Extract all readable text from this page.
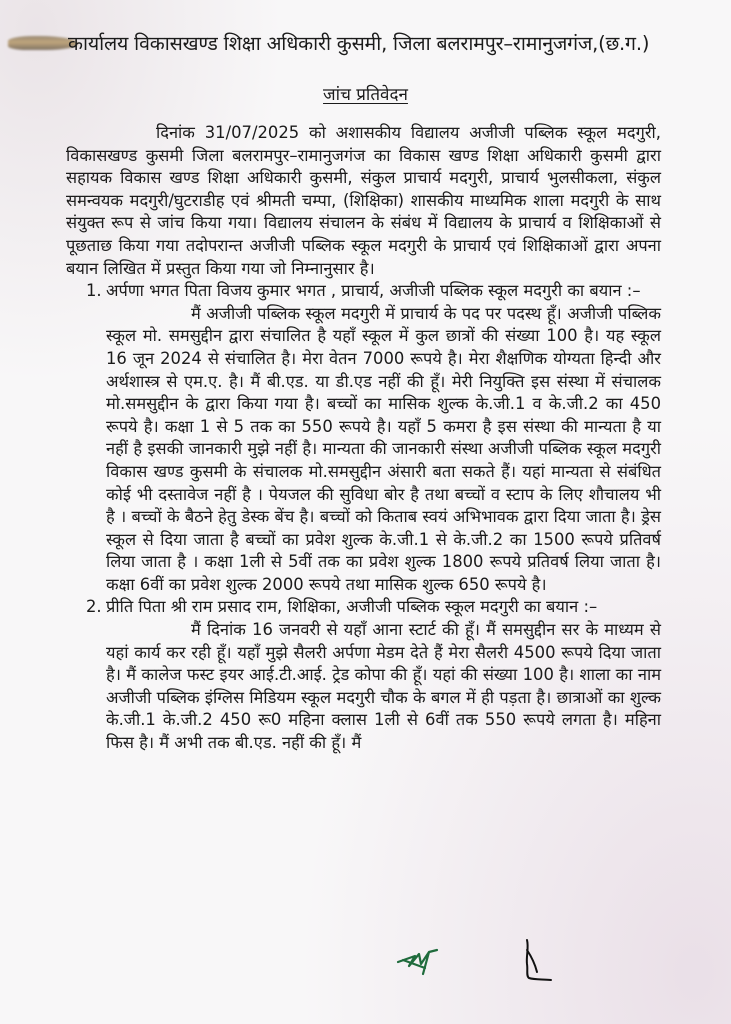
कार्यालय विकासखण्ड शिक्षा अधिकारी कुसमी, जिला बलरामपुर–रामानुजगंज,(छ.ग.)
जांच प्रतिवेदन

दिनांक 31/07/2025 को अशासकीय विद्यालय अजीजी पब्लिक स्कूल मदगुरी, विकासखण्ड कुसमी जिला बलरामपुर–रामानुजगंज का विकास खण्ड शिक्षा अधिकारी कुसमी द्वारा सहायक विकास खण्ड शिक्षा अधिकारी कुसमी, संकुल प्राचार्य मदगुरी, प्राचार्य भुलसीकला, संकुल समन्वयक मदगुरी/घुटराडीह एवं श्रीमती चम्पा, (शिक्षिका) शासकीय माध्यमिक शाला मदगुरी के साथ संयुक्त रूप से जांच किया गया। विद्यालय संचालन के संबंध में विद्यालय के प्राचार्य व शिक्षिकाओं से पूछताछ किया गया तदोपरान्त अजीजी पब्लिक स्कूल मदगुरी के प्राचार्य एवं शिक्षिकाओं द्वारा अपना बयान लिखित में प्रस्तुत किया गया जो निम्नानुसार है।

1. अर्पणा भगत पिता विजय कुमार भगत , प्राचार्य, अजीजी पब्लिक स्कूल मदगुरी का बयान :–

मैं अजीजी पब्लिक स्कूल मदगुरी में प्राचार्य के पद पर पदस्थ हूँ। अजीजी पब्लिक स्कूल मो. समसुद्दीन द्वारा संचालित है यहाँ स्कूल में कुल छात्रों की संख्या 100 है। यह स्कूल 16 जून 2024 से संचालित है। मेरा वेतन 7000 रूपये है। मेरा शैक्षणिक योग्यता हिन्दी और अर्थशास्त्र से एम.ए. है। मैं बी.एड. या डी.एड नहीं की हूँ। मेरी नियुक्ति इस संस्था में संचालक मो.समसुद्दीन के द्वारा किया गया है। बच्चों का मासिक शुल्क के.जी.1 व के.जी.2 का 450 रूपये है। कक्षा 1 से 5 तक का 550 रूपये है। यहाँ 5 कमरा है इस संस्था की मान्यता है या नहीं है इसकी जानकारी मुझे नहीं है। मान्यता की जानकारी संस्था अजीजी पब्लिक स्कूल मदगुरी विकास खण्ड कुसमी के संचालक मो.समसुद्दीन अंसारी बता सकते हैं। यहां मान्यता से संबंधित कोई भी दस्तावेज नहीं है । पेयजल की सुविधा बोर है तथा बच्चों व स्टाप के लिए शौचालय भी है । बच्चों के बैठने हेतु डेस्क बेंच है। बच्चों को किताब स्वयं अभिभावक द्वारा दिया जाता है। ड्रेस स्कूल से दिया जाता है बच्चों का प्रवेश शुल्क के.जी.1 से के.जी.2 का 1500 रूपये प्रतिवर्ष लिया जाता है । कक्षा 1ली से 5वीं तक का प्रवेश शुल्क 1800 रूपये प्रतिवर्ष लिया जाता है। कक्षा 6वीं का प्रवेश शुल्क 2000 रूपये तथा मासिक शुल्क 650 रूपये है।

2. प्रीति पिता श्री राम प्रसाद राम, शिक्षिका, अजीजी पब्लिक स्कूल मदगुरी का बयान :–

मैं दिनांक 16 जनवरी से यहाँ आना स्टार्ट की हूँ। मैं समसुद्दीन सर के माध्यम से यहां कार्य कर रही हूँ। यहाँ मुझे सैलरी अर्पणा मेडम देते हैं मेरा सैलरी 4500 रूपये दिया जाता है। मैं कालेज फस्ट इयर आई.टी.आई. ट्रेड कोपा की हूँ। यहां की संख्या 100 है। शाला का नाम अजीजी पब्लिक इंग्लिस मिडियम स्कूल मदगुरी चौक के बगल में ही पड़ता है। छात्राओं का शुल्क के.जी.1 के.जी.2 450 रू0 महिना क्लास 1ली से 6वीं तक 550 रूपये लगता है। महिना फिस है। मैं अभी तक बी.एड. नहीं की हूँ। मैं
